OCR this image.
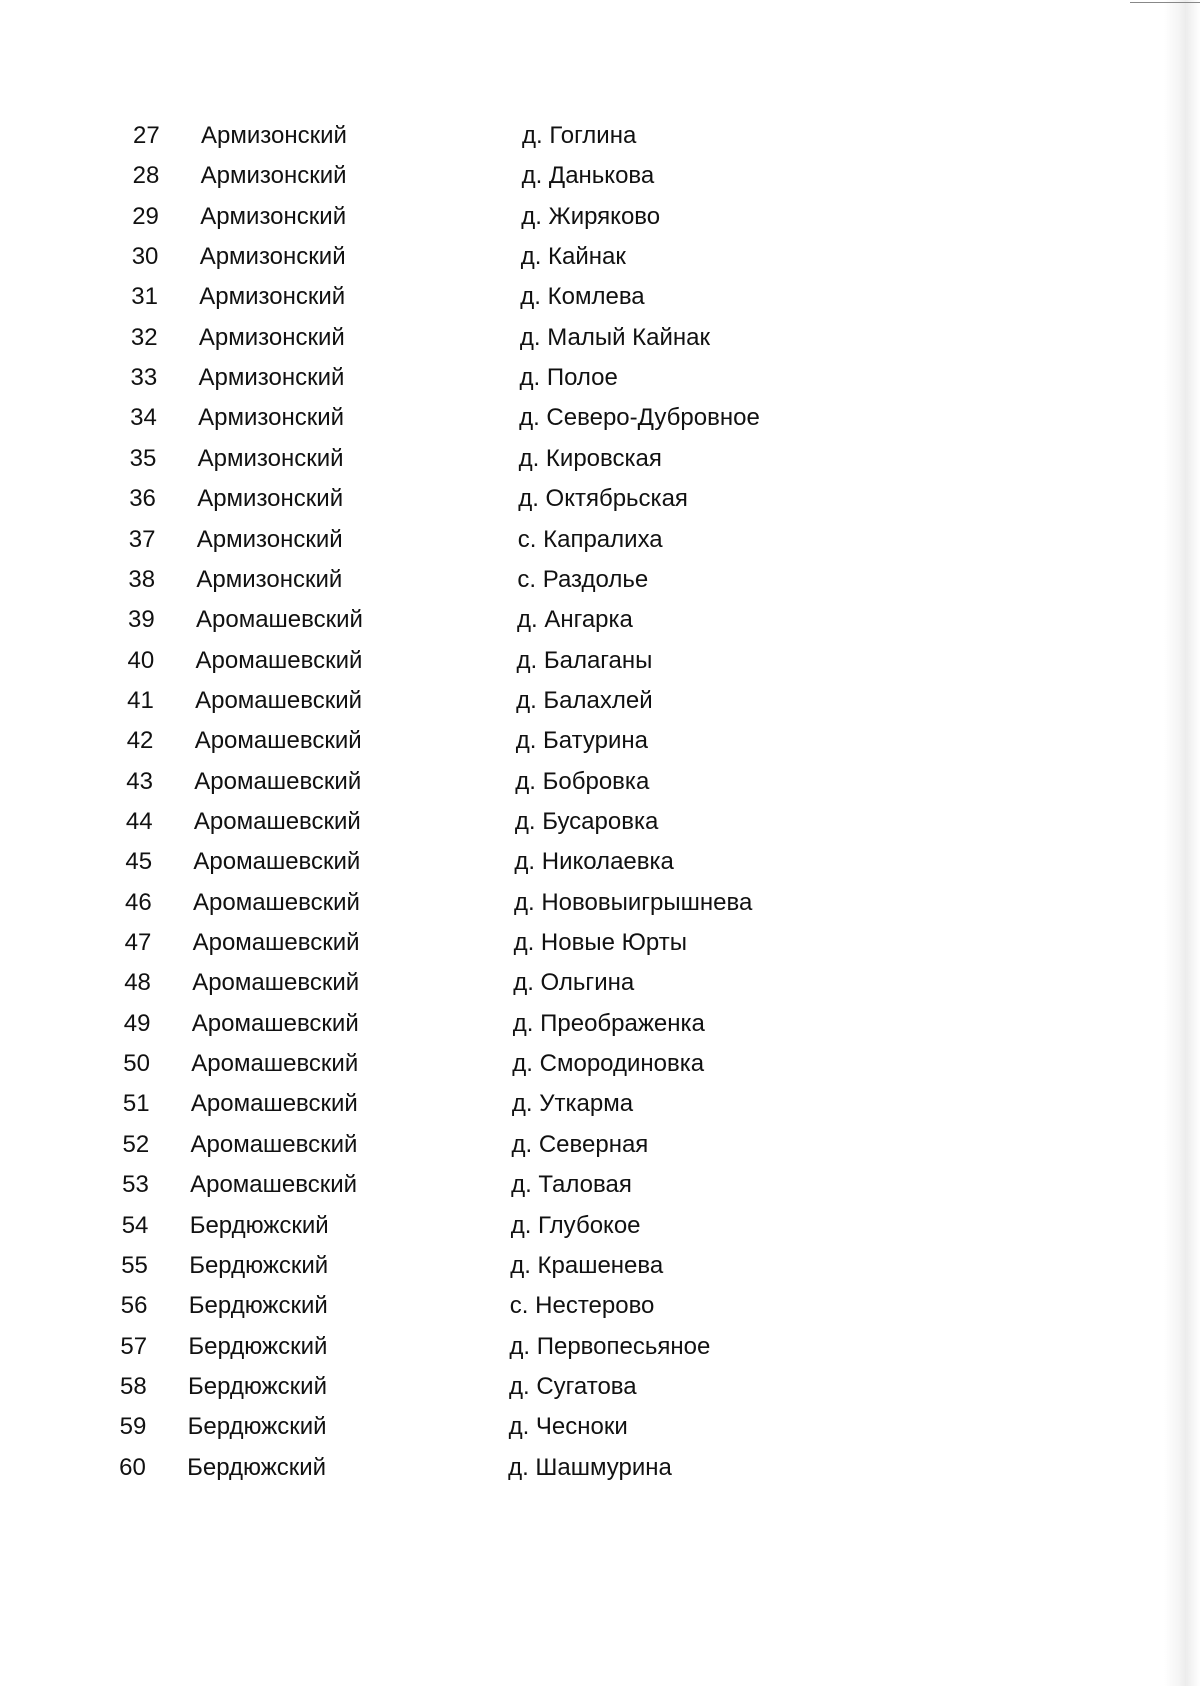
27	Армизонский	д. Гоглина
28	Армизонский	д. Данькова
29	Армизонский	д. Жиряково
30	Армизонский	д. Кайнак
31	Армизонский	д. Комлева
32	Армизонский	д. Малый Кайнак
33	Армизонский	д. Полое
34	Армизонский	д. Северо-Дубровное
35	Армизонский	д. Кировская
36	Армизонский	д. Октябрьская
37	Армизонский	с. Капралиха
38	Армизонский	с. Раздолье
39	Аромашевский	д. Ангарка
40	Аромашевский	д. Балаганы
41	Аромашевский	д. Балахлей
42	Аромашевский	д. Батурина
43	Аромашевский	д. Бобровка
44	Аромашевский	д. Бусаровка
45	Аромашевский	д. Николаевка
46	Аромашевский	д. Нововыигрышнева
47	Аромашевский	д. Новые Юрты
48	Аромашевский	д. Ольгина
49	Аромашевский	д. Преображенка
50	Аромашевский	д. Смородиновка
51	Аромашевский	д. Уткарма
52	Аромашевский	д. Северная
53	Аромашевский	д. Таловая
54	Бердюжский	д. Глубокое
55	Бердюжский	д. Крашенева
56	Бердюжский	с. Нестерово
57	Бердюжский	д. Первопесьяное
58	Бердюжский	д. Сугатова
59	Бердюжский	д. Чесноки
60	Бердюжский	д. Шашмурина
